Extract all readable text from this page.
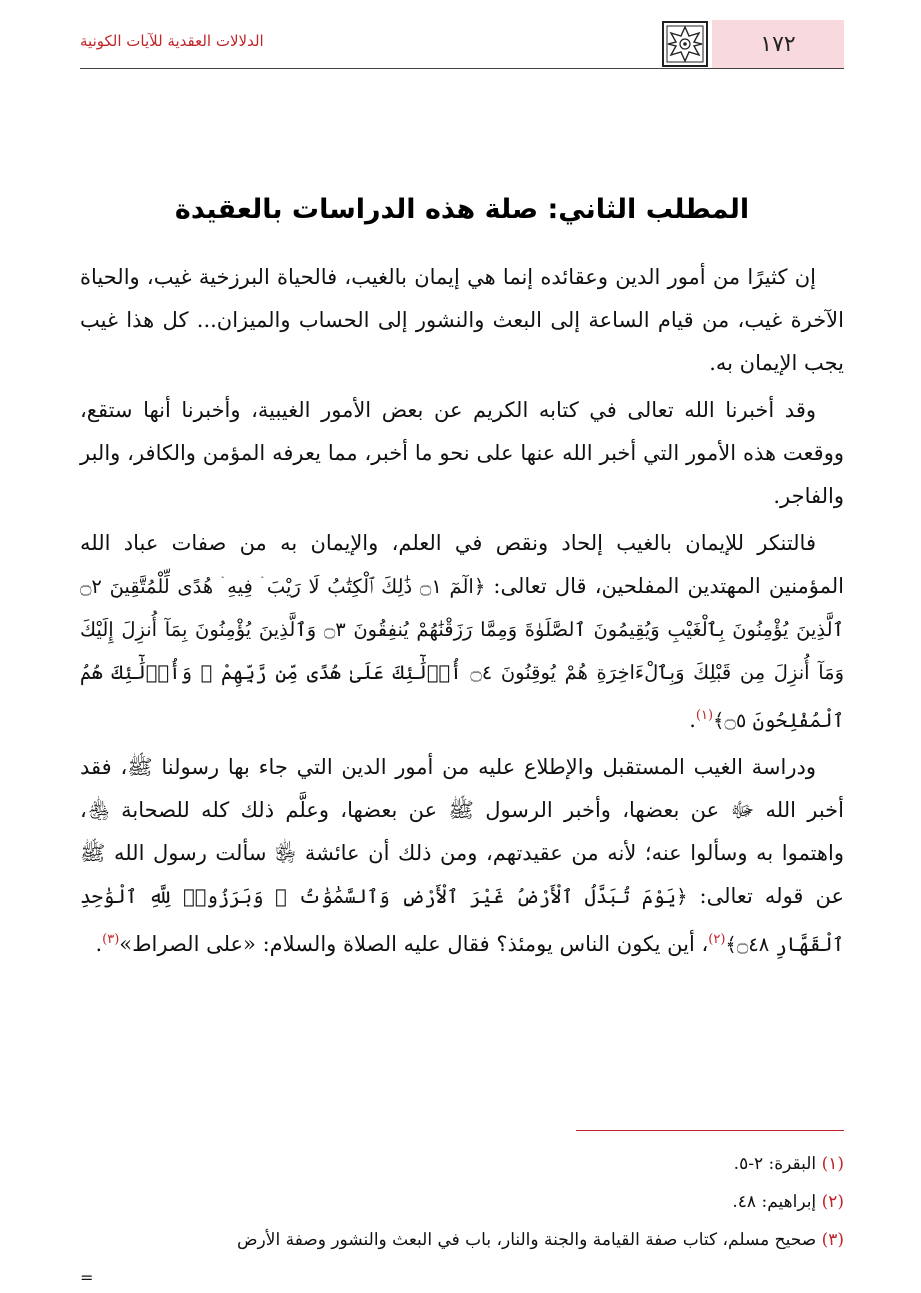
١٧٢
الدلالات العقدية للآيات الكونية
المطلب الثاني: صلة هذه الدراسات بالعقيدة

إن كثيرًا من أمور الدين وعقائده إنما هي إيمان بالغيب، فالحياة البرزخية غيب، والحياة الآخرة غيب، من قيام الساعة إلى البعث والنشور إلى الحساب والميزان... كل هذا غيب يجب الإيمان به.

وقد أخبرنا الله تعالى في كتابه الكريم عن بعض الأمور الغيبية، وأخبرنا أنها ستقع، ووقعت هذه الأمور التي أخبر الله عنها على نحو ما أخبر، مما يعرفه المؤمن والكافر، والبر والفاجر.

فالتنكر للإيمان بالغيب إلحاد ونقص في العلم، والإيمان به من صفات عباد الله المؤمنين المهتدين المفلحين، قال تعالى: ﴿الٓمٓ ۝١ ذَٰلِكَ ٱلْكِتَٰبُ لَا رَيْبَ ۛ فِيهِ ۛ هُدًى لِّلْمُتَّقِينَ ۝٢ ٱلَّذِينَ يُؤْمِنُونَ بِٱلْغَيْبِ وَيُقِيمُونَ ٱلصَّلَوٰةَ وَمِمَّا رَزَقْنَٰهُمْ يُنفِقُونَ ۝٣ وَٱلَّذِينَ يُؤْمِنُونَ بِمَآ أُنزِلَ إِلَيْكَ وَمَآ أُنزِلَ مِن قَبْلِكَ وَبِٱلْءَاخِرَةِ هُمْ يُوقِنُونَ ۝٤ أُو۟لَٰٓئِكَ عَلَىٰ هُدًى مِّن رَّبِّهِمْ ۖ وَأُو۟لَٰٓئِكَ هُمُ ٱلْمُفْلِحُونَ ۝٥﴾$^{(١)}$.

ودراسة الغيب المستقبل والإطلاع عليه من أمور الدين التي جاء بها رسولنا ﷺ، فقد أخبر الله ﷻ عن بعضها، وأخبر الرسول ﷺ عن بعضها، وعلَّم ذلك كله للصحابة ﵃، واهتموا به وسألوا عنه؛ لأنه من عقيدتهم، ومن ذلك أن عائشة ﵂ سألت رسول الله ﷺ عن قوله تعالى: ﴿يَوْمَ تُبَدَّلُ ٱلْأَرْضُ غَيْرَ ٱلْأَرْضِ وَٱلسَّمَٰوَٰتُ ۖ وَبَرَزُوا۟ لِلَّهِ ٱلْوَٰحِدِ ٱلْقَهَّارِ ۝٤٨﴾$^{(٢)}$، أين يكون الناس يومئذ؟ فقال عليه الصلاة والسلام: «على الصراط»$^{(٣)}$.

(١) البقرة: ٢-٥.
(٢) إبراهيم: ٤٨.
(٣) صحيح مسلم، كتاب صفة القيامة والجنة والنار، باب في البعث والنشور وصفة الأرض
=
